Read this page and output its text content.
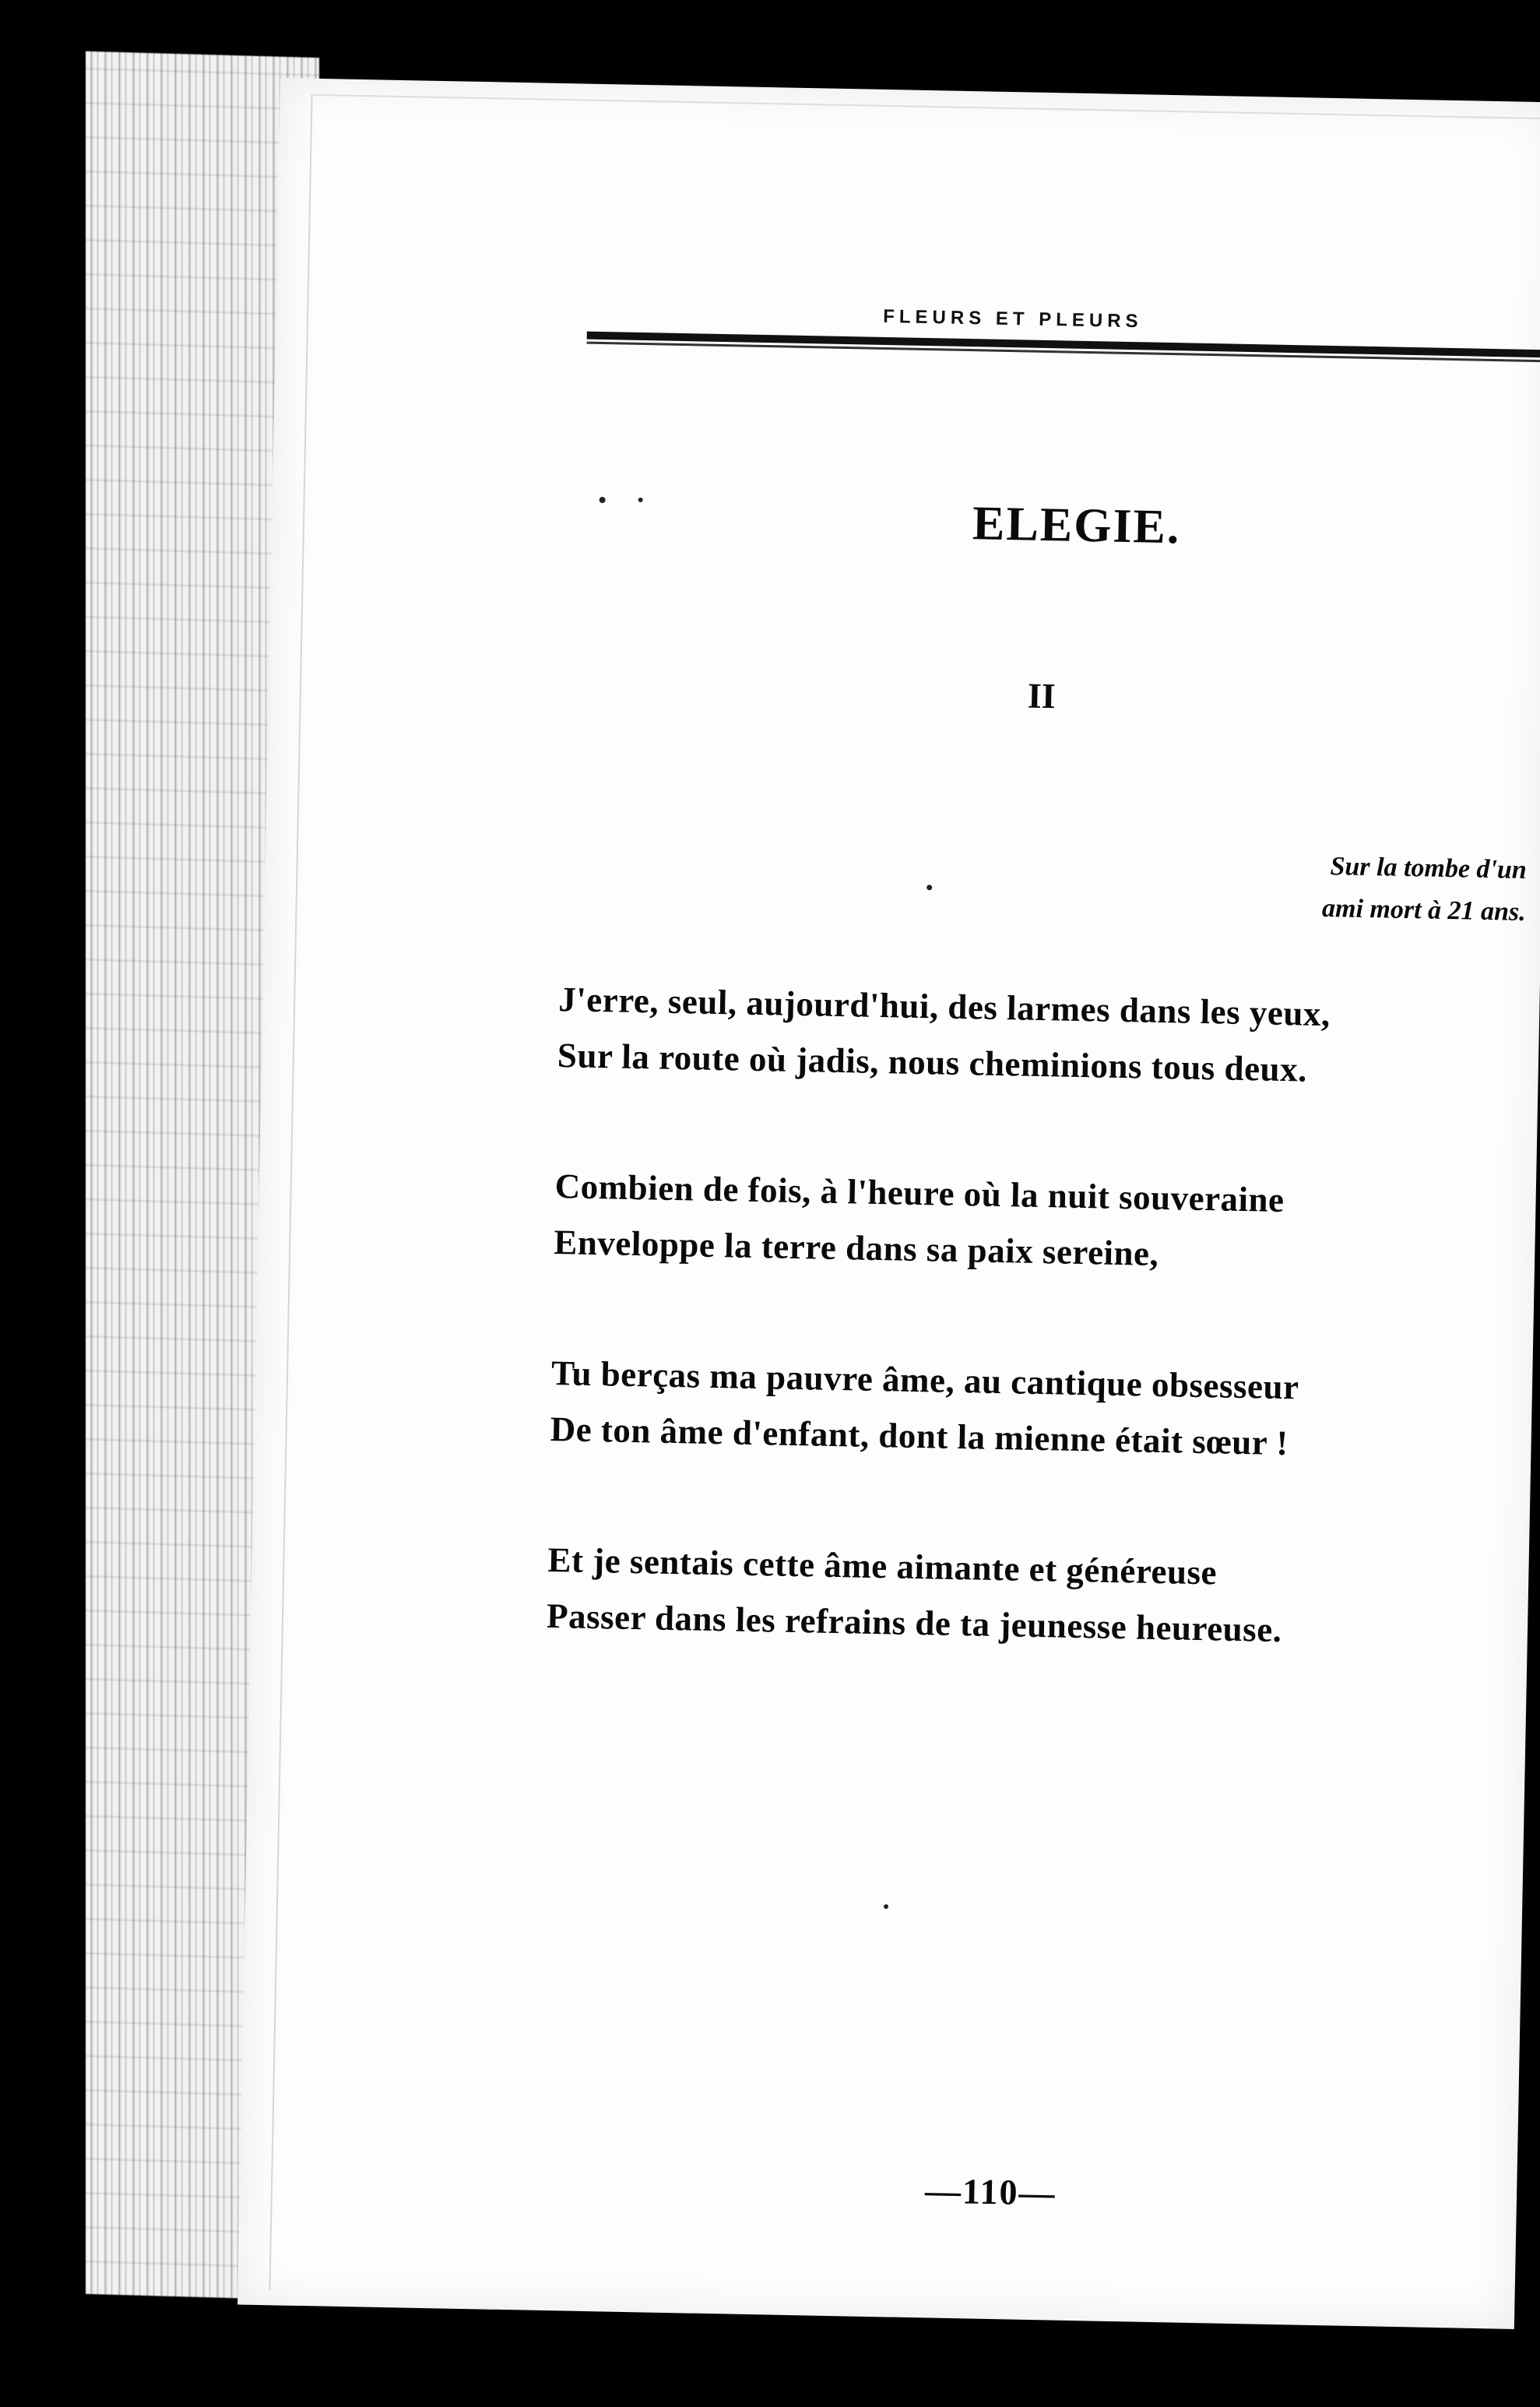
FLEURS ET PLEURS
ELEGIE.
II
Sur la tombe d'un
ami mort à 21 ans.
J'erre, seul, aujourd'hui, des larmes dans les yeux,
Sur la route où jadis, nous cheminions tous deux.
Combien de fois, à l'heure où la nuit souveraine
Enveloppe la terre dans sa paix sereine,
Tu berças ma pauvre âme, au cantique obsesseur
De ton âme d'enfant, dont la mienne était sœur !
Et je sentais cette âme aimante et généreuse
Passer dans les refrains de ta jeunesse heureuse.
—110—
